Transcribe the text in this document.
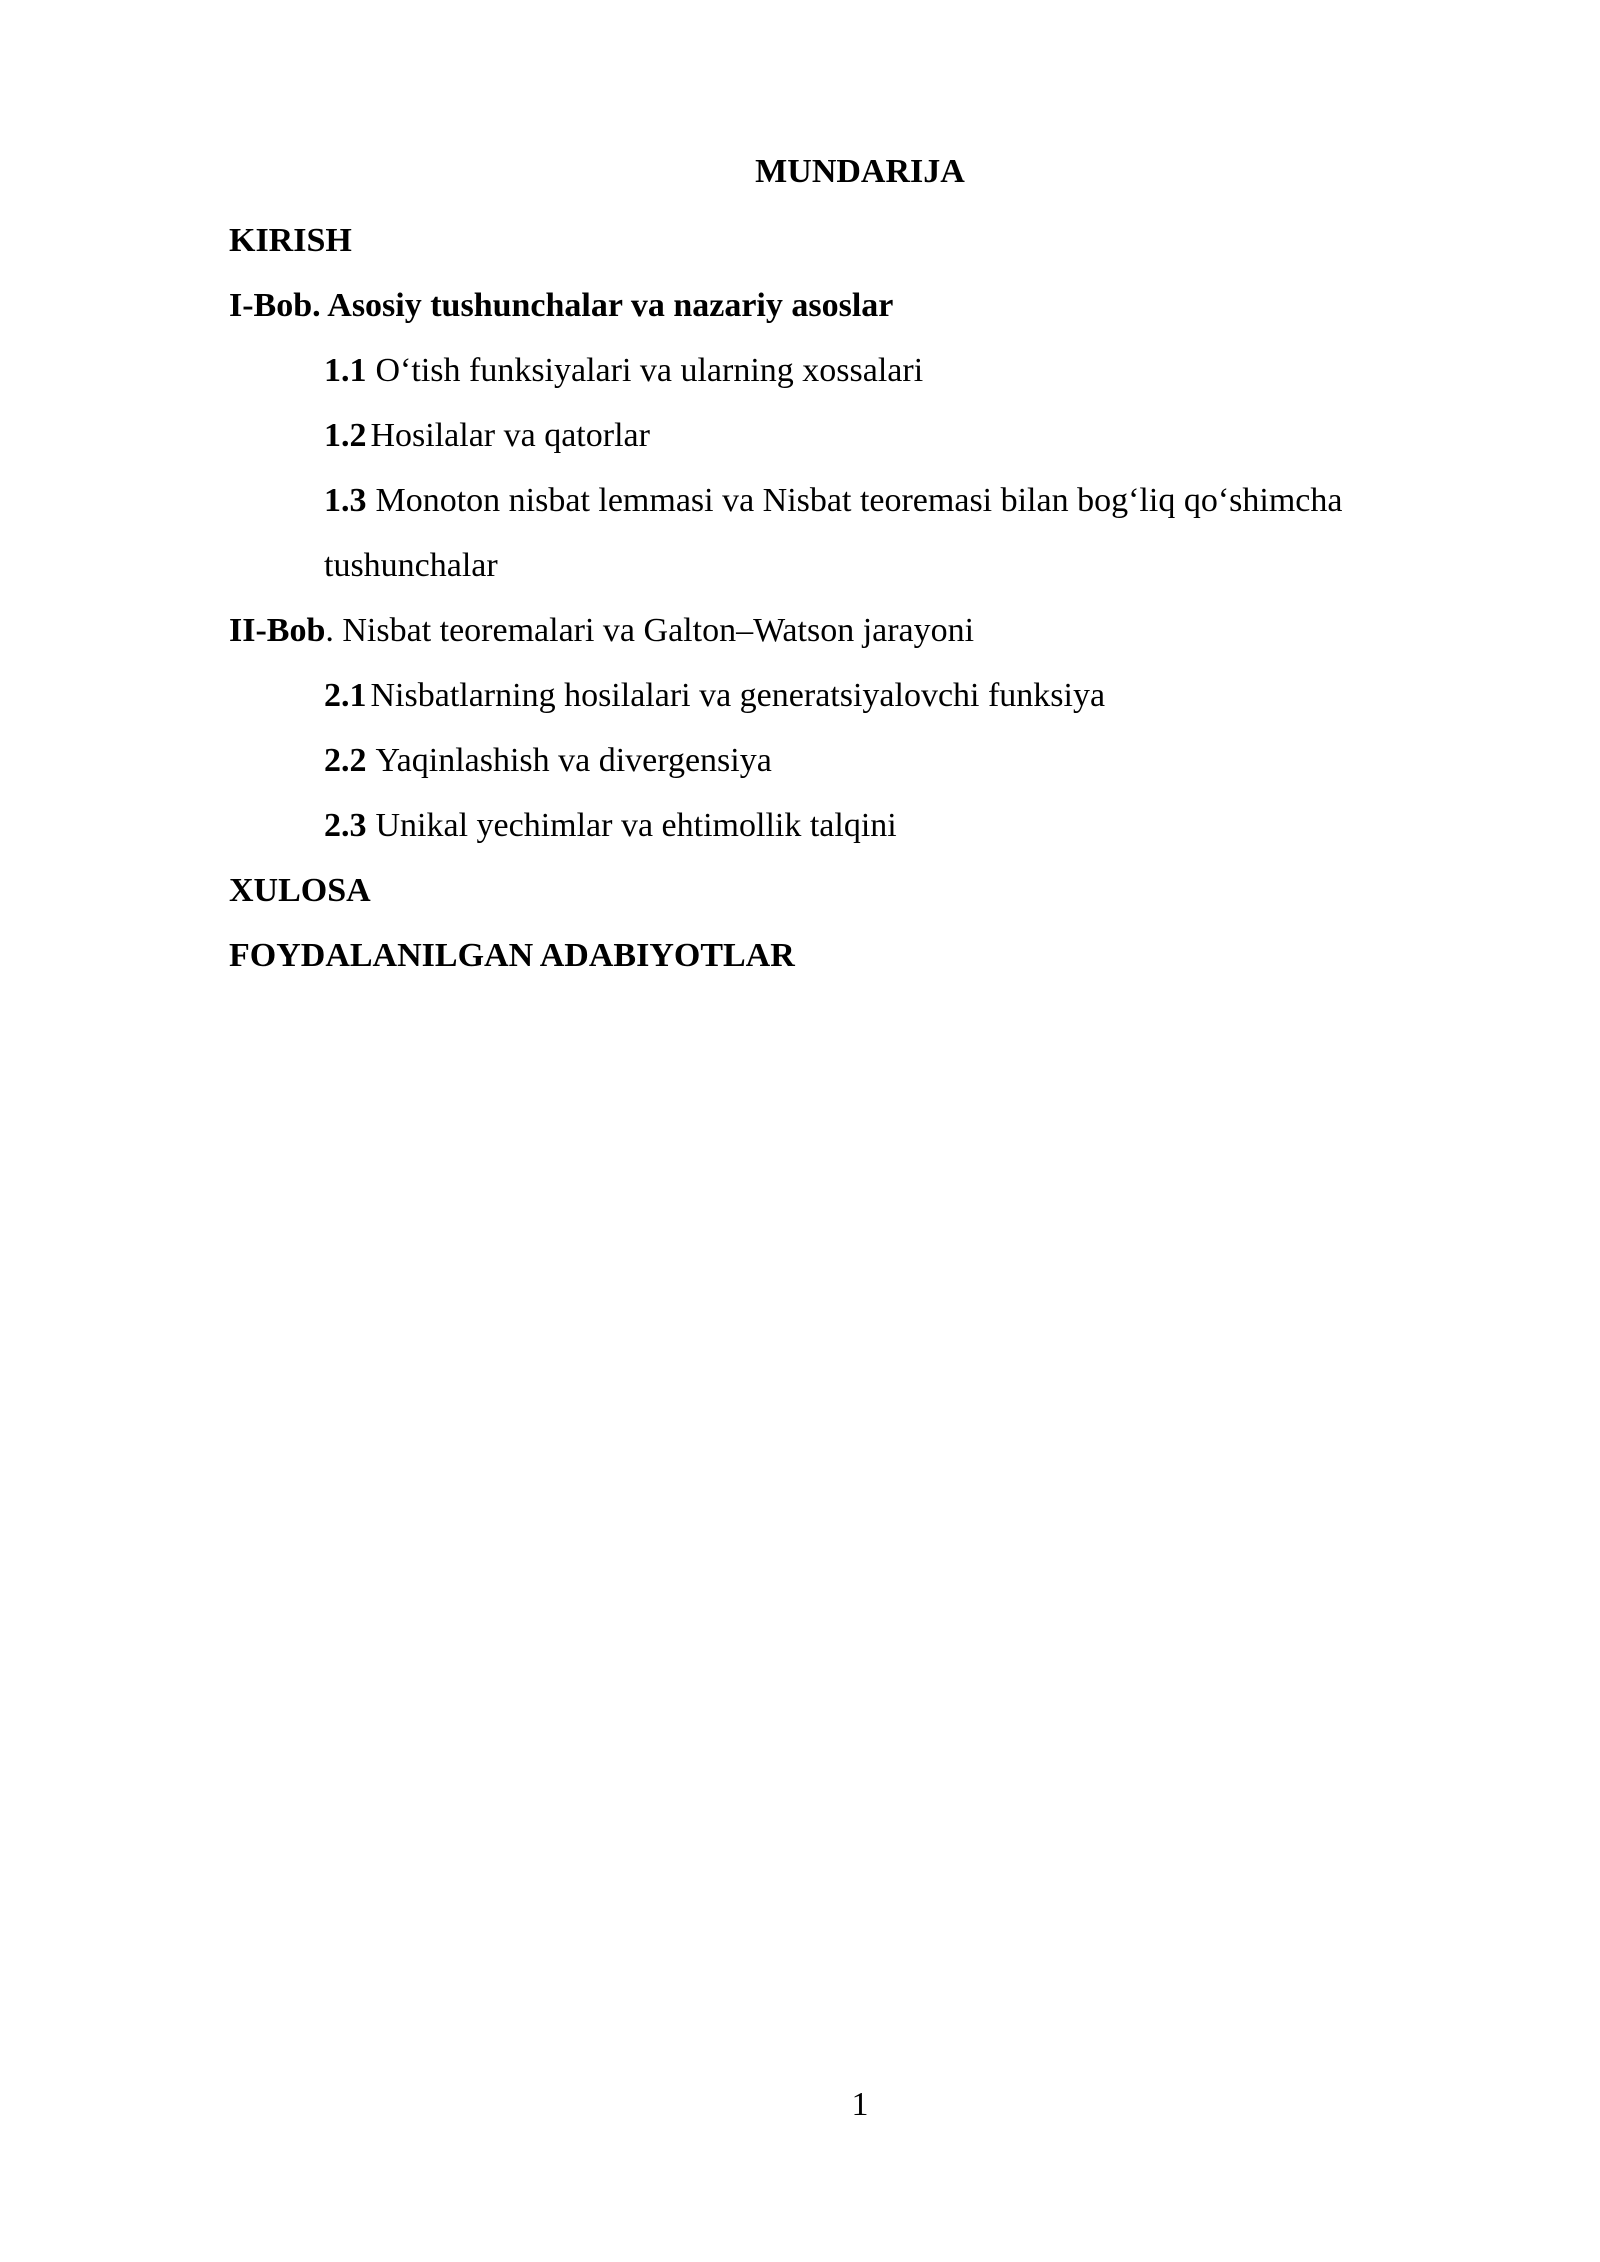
MUNDARIJA
KIRISH
I-Bob. Asosiy tushunchalar va nazariy asoslar
1.1 O‘tish funksiyalari va ularning xossalari
1.2 Hosilalar va qatorlar
1.3 Monoton nisbat lemmasi va Nisbat teoremasi bilan bog‘liq qo‘shimcha
tushunchalar
II-Bob. Nisbat teoremalari va Galton–Watson jarayoni
2.1 Nisbatlarning hosilalari va generatsiyalovchi funksiya
2.2 Yaqinlashish va divergensiya
2.3 Unikal yechimlar va ehtimollik talqini
XULOSA
FOYDALANILGAN ADABIYOTLAR
1
